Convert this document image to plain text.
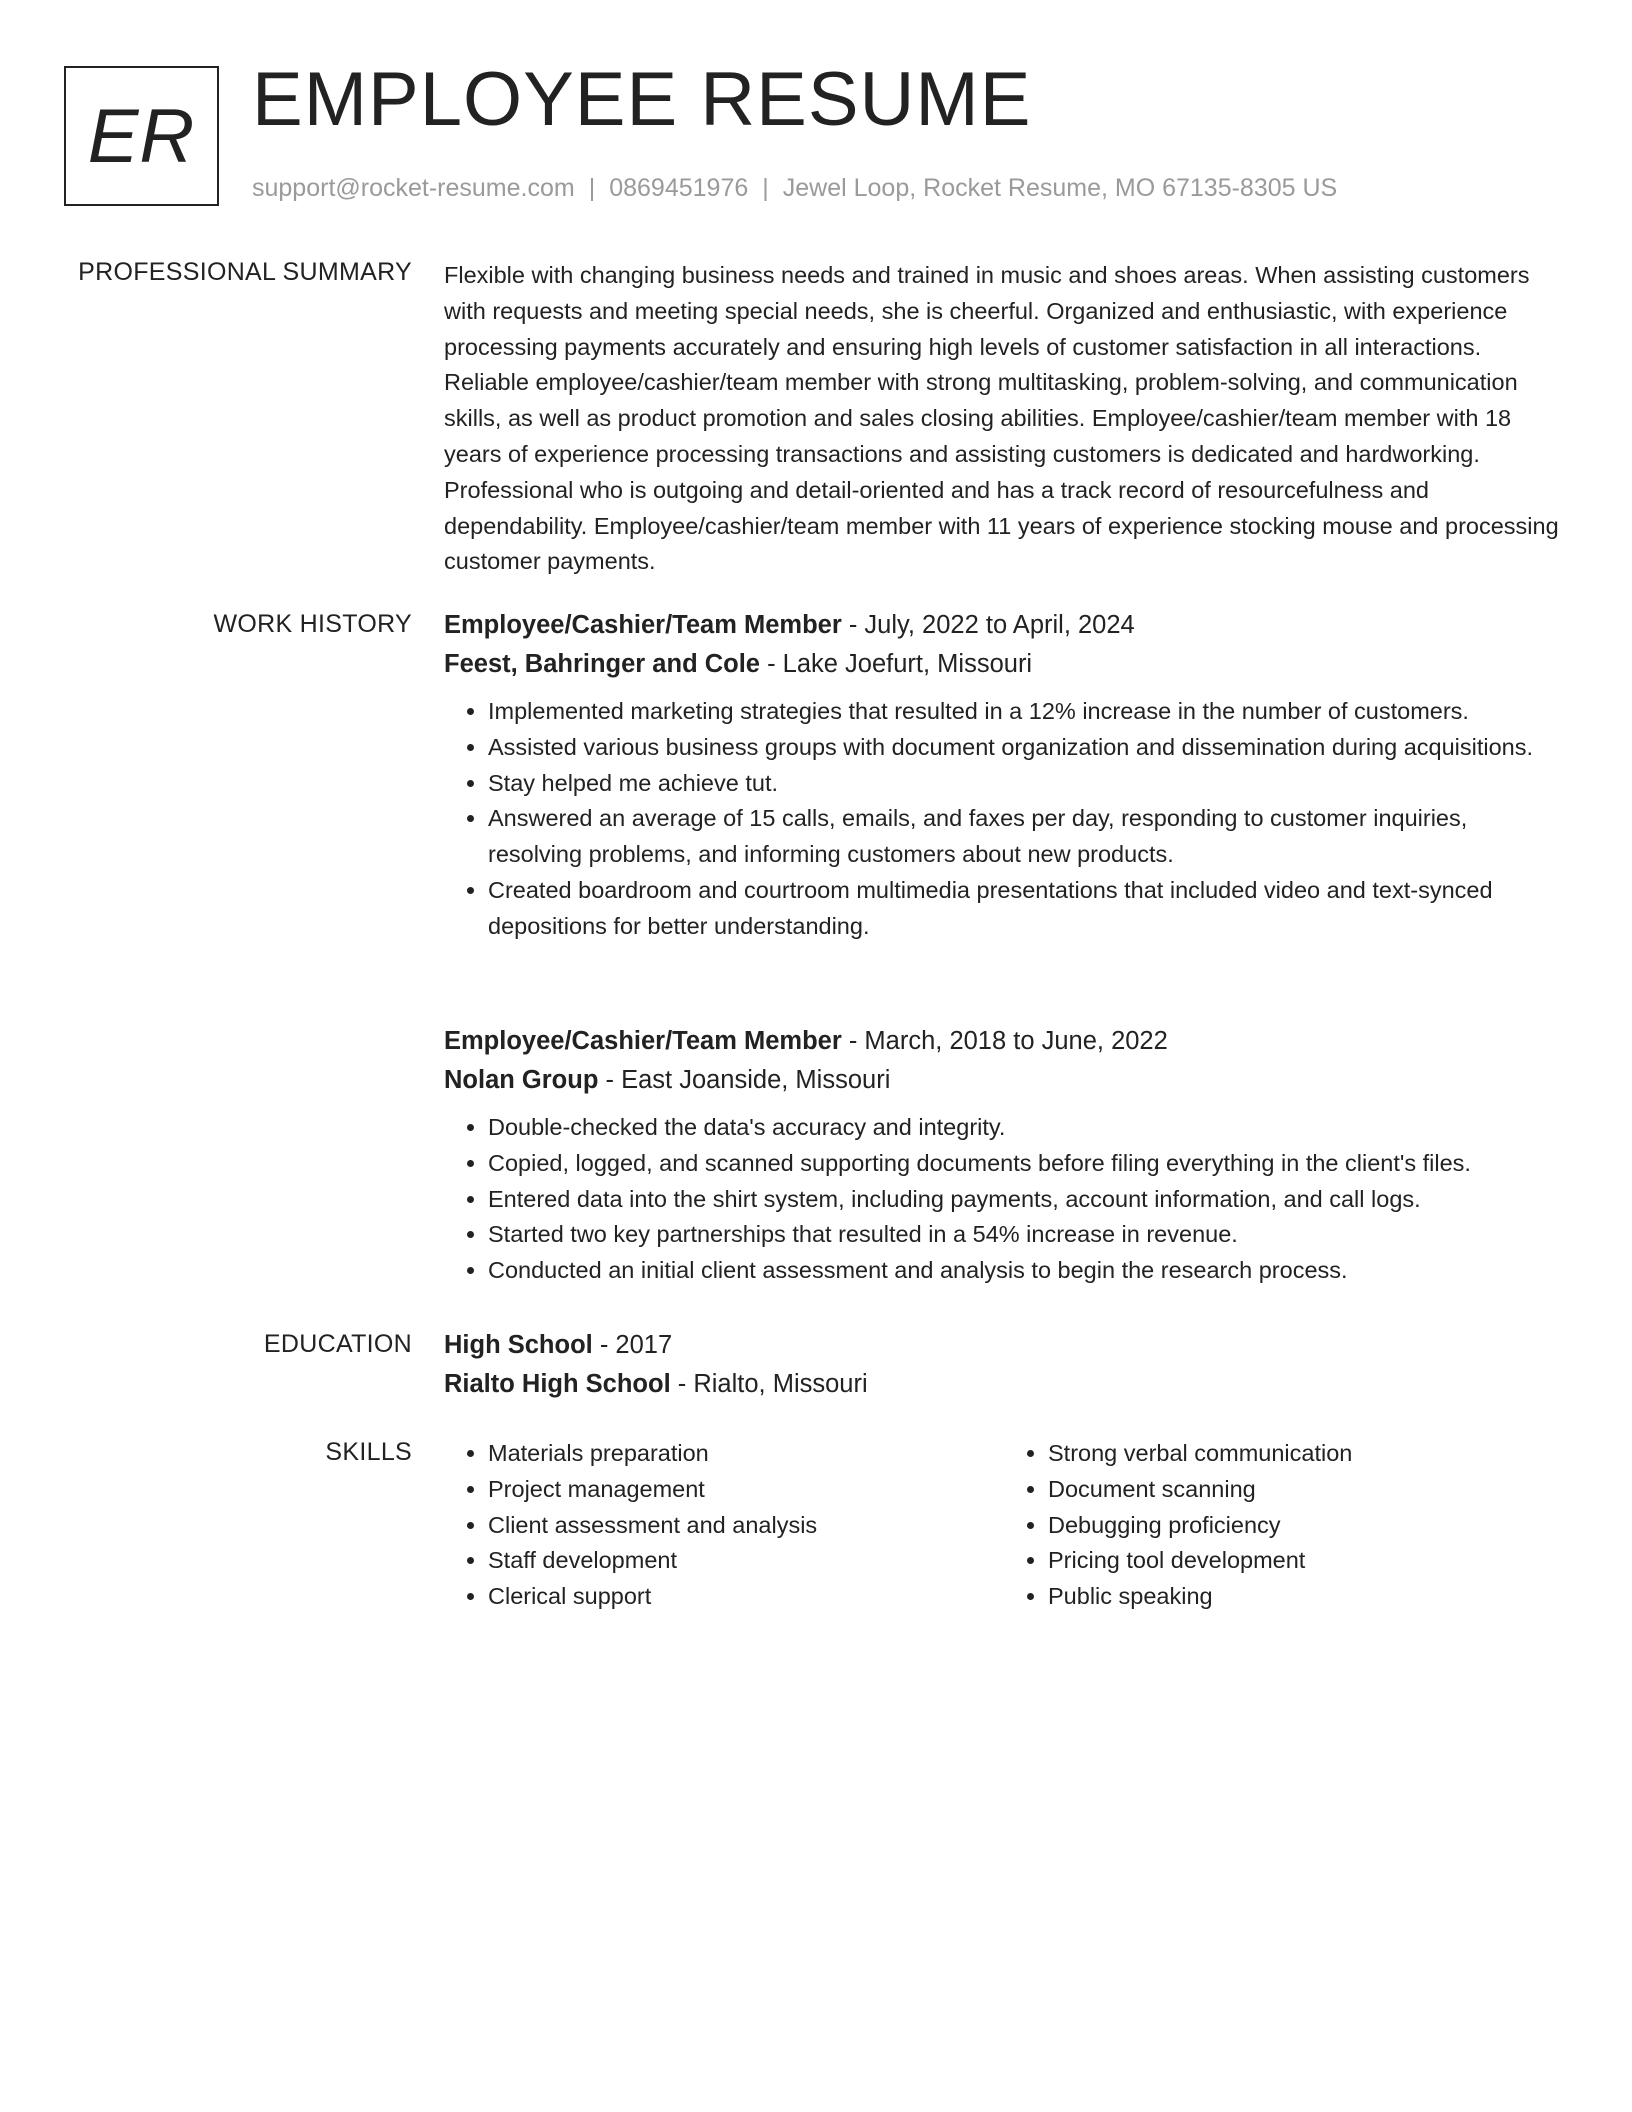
ER EMPLOYEE RESUME
support@rocket-resume.com | 0869451976 | Jewel Loop, Rocket Resume, MO 67135-8305 US
PROFESSIONAL SUMMARY Flexible with changing business needs and trained in music and shoes areas. When assisting customers with requests and meeting special needs, she is cheerful. Organized and enthusiastic, with experience processing payments accurately and ensuring high levels of customer satisfaction in all interactions. Reliable employee/cashier/team member with strong multitasking, problem-solving, and communication skills, as well as product promotion and sales closing abilities. Employee/cashier/team member with 18 years of experience processing transactions and assisting customers is dedicated and hardworking. Professional who is outgoing and detail-oriented and has a track record of resourcefulness and dependability. Employee/cashier/team member with 11 years of experience stocking mouse and processing customer payments.

WORK HISTORY Employee/Cashier/Team Member - July, 2022 to April, 2024
Feest, Bahringer and Cole - Lake Joefurt, Missouri
• Implemented marketing strategies that resulted in a 12% increase in the number of customers.
• Assisted various business groups with document organization and dissemination during acquisitions.
• Stay helped me achieve tut.
• Answered an average of 15 calls, emails, and faxes per day, responding to customer inquiries, resolving problems, and informing customers about new products.
• Created boardroom and courtroom multimedia presentations that included video and text-synced depositions for better understanding.
Employee/Cashier/Team Member - March, 2018 to June, 2022
Nolan Group - East Joanside, Missouri
• Double-checked the data's accuracy and integrity.
• Copied, logged, and scanned supporting documents before filing everything in the client's files.
• Entered data into the shirt system, including payments, account information, and call logs.
• Started two key partnerships that resulted in a 54% increase in revenue.
• Conducted an initial client assessment and analysis to begin the research process.
EDUCATION High School - 2017
Rialto High School - Rialto, Missouri
SKILLS
•	Materials preparation
• Project management
• Client assessment and analysis
• Staff development
• Clerical support
• Strong verbal communication
• Document scanning
• Debugging proficiency
• Pricing tool development
• Public speaking
